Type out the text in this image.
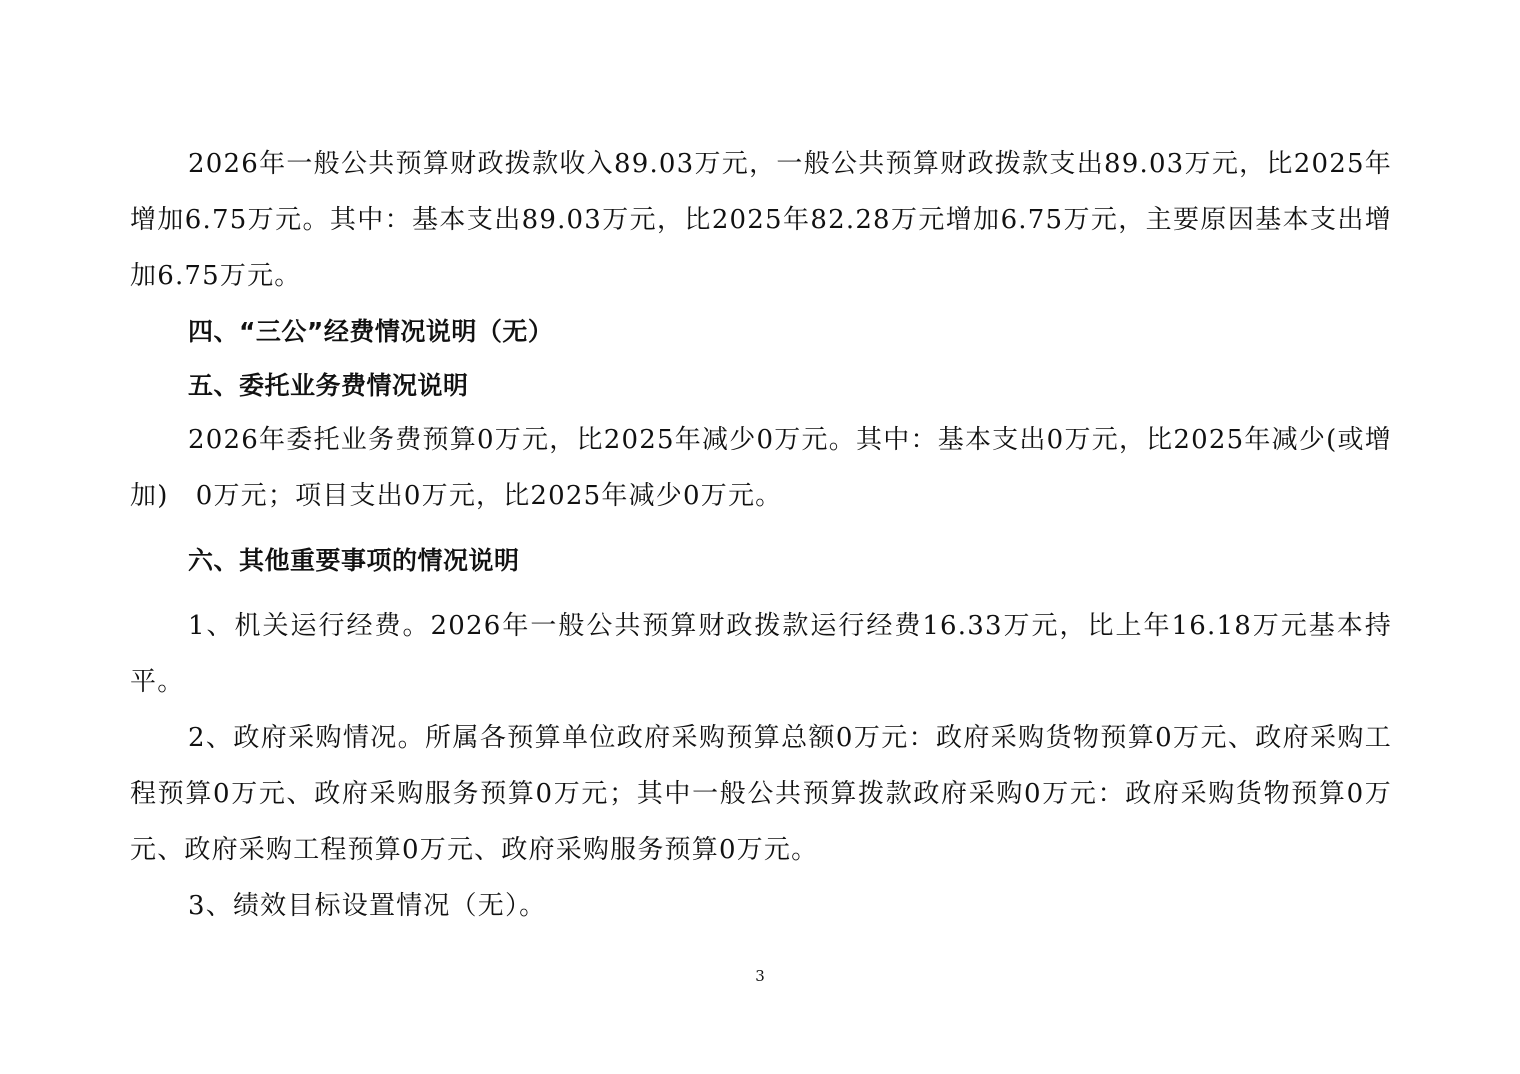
2026年一般公共预算财政拨款收入89.03万元，一般公共预算财政拨款支出89.03万元，比2025年增加6.75万元。其中：基本支出89.03万元，比2025年82.28万元增加6.75万元，主要原因基本支出增加6.75万元。

四、“三公”经费情况说明（无）
五、委托业务费情况说明

2026年委托业务费预算0万元，比2025年减少0万元。其中：基本支出0万元，比2025年减少(或增加)　0万元；项目支出0万元，比2025年减少0万元。

六、其他重要事项的情况说明

1、机关运行经费。2026年一般公共预算财政拨款运行经费16.33万元，比上年16.18万元基本持平。

2、政府采购情况。所属各预算单位政府采购预算总额0万元：政府采购货物预算0万元、政府采购工程预算0万元、政府采购服务预算0万元；其中一般公共预算拨款政府采购0万元：政府采购货物预算0万元、政府采购工程预算0万元、政府采购服务预算0万元。

3、绩效目标设置情况（无）。

3
